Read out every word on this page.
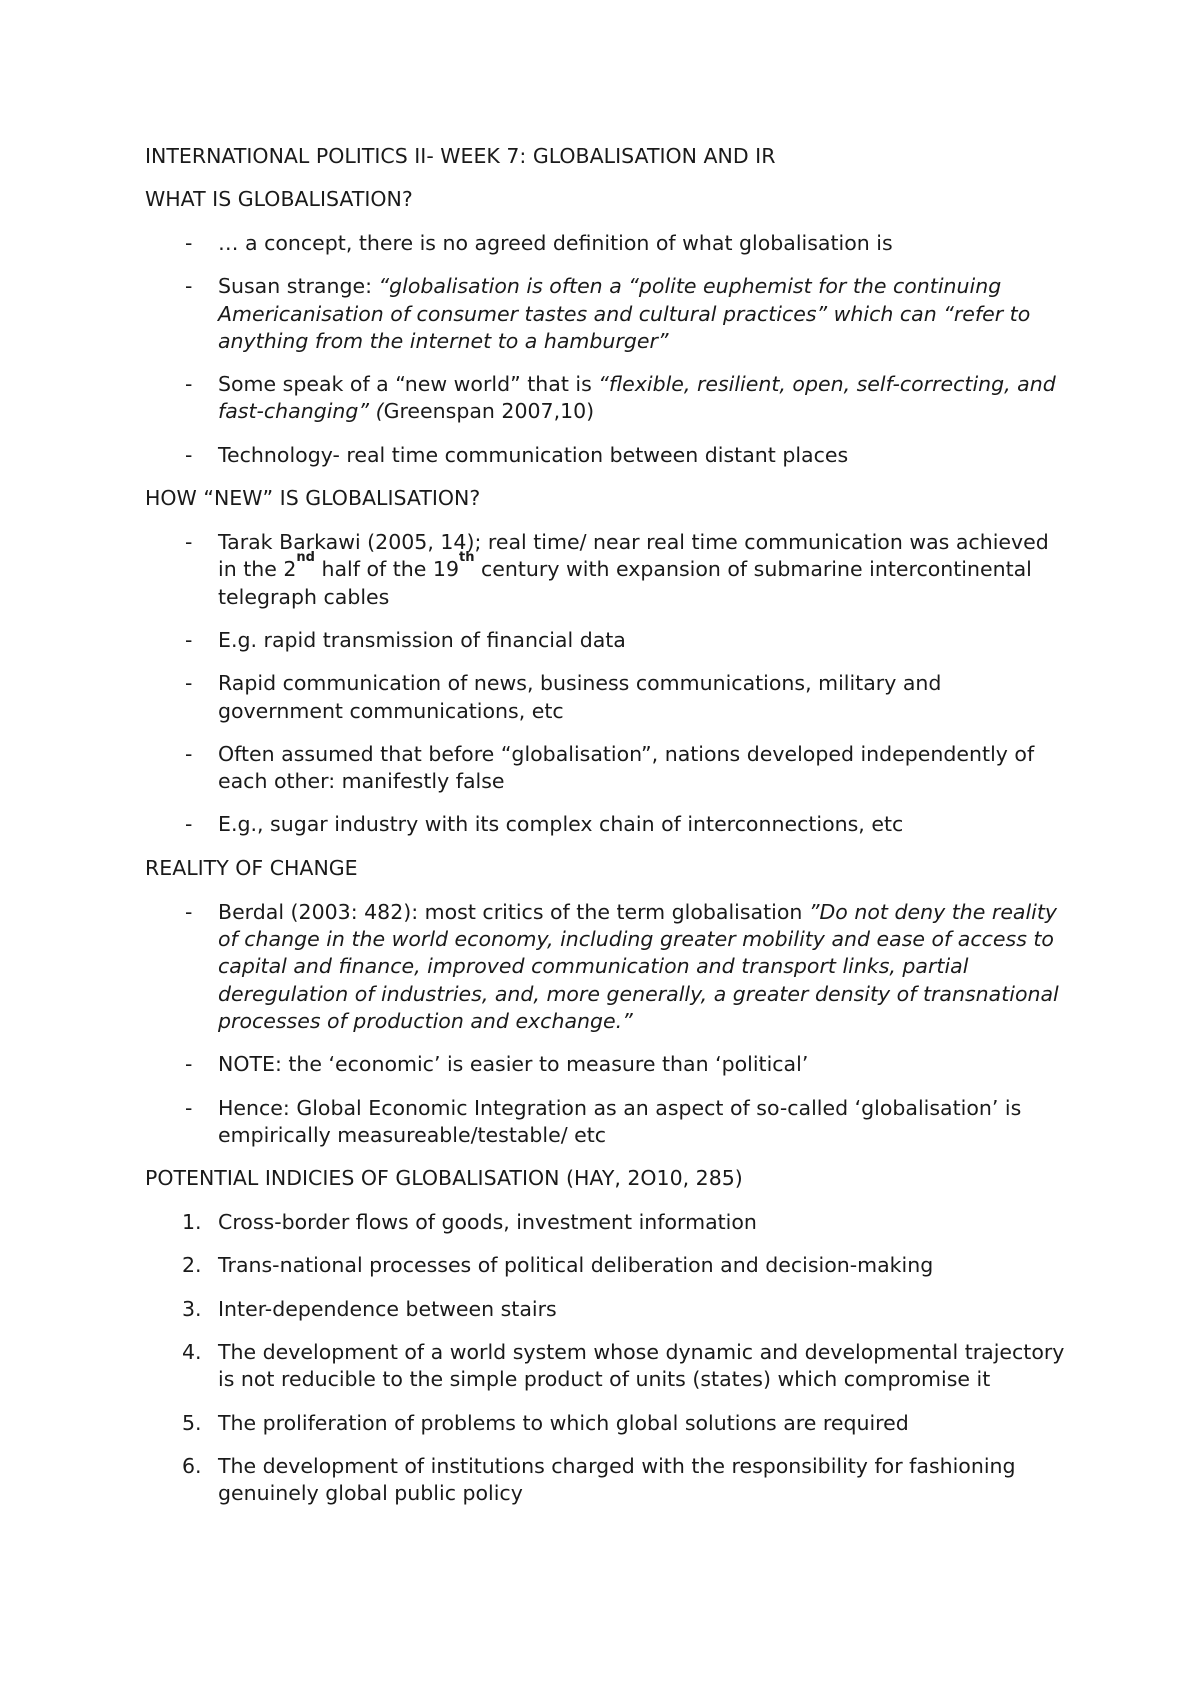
INTERNATIONAL POLITICS II- WEEK 7: GLOBALISATION AND IR
WHAT IS GLOBALISATION?
- … a concept, there is no agreed definition of what globalisation is
- Susan strange: “globalisation is often a “polite euphemist for the continuing Americanisation of consumer tastes and cultural practices” which can “refer to anything from the internet to a hamburger”
- Some speak of a “new world” that is “flexible, resilient, open, self-correcting, and fast-changing” (Greenspan 2007,10)
- Technology- real time communication between distant places
HOW “NEW” IS GLOBALISATION?
- Tarak Barkawi (2005, 14); real time/ near real time communication was achieved in the 2nd half of the 19th century with expansion of submarine intercontinental telegraph cables
- E.g. rapid transmission of financial data
- Rapid communication of news, business communications, military and government communications, etc
- Often assumed that before “globalisation”, nations developed independently of each other: manifestly false
- E.g., sugar industry with its complex chain of interconnections, etc
REALITY OF CHANGE
- Berdal (2003: 482): most critics of the term globalisation ”Do not deny the reality of change in the world economy, including greater mobility and ease of access to capital and finance, improved communication and transport links, partial deregulation of industries, and, more generally, a greater density of transnational processes of production and exchange.”
- NOTE: the ‘economic’ is easier to measure than ‘political’
- Hence: Global Economic Integration as an aspect of so-called ‘globalisation’ is empirically measureable/testable/ etc
POTENTIAL INDICIES OF GLOBALISATION (HAY, 2O10, 285)
1. Cross-border flows of goods, investment information
2. Trans-national processes of political deliberation and decision-making
3. Inter-dependence between stairs
4. The development of a world system whose dynamic and developmental trajectory is not reducible to the simple product of units (states) which compromise it
5. The proliferation of problems to which global solutions are required
6. The development of institutions charged with the responsibility for fashioning genuinely global public policy
